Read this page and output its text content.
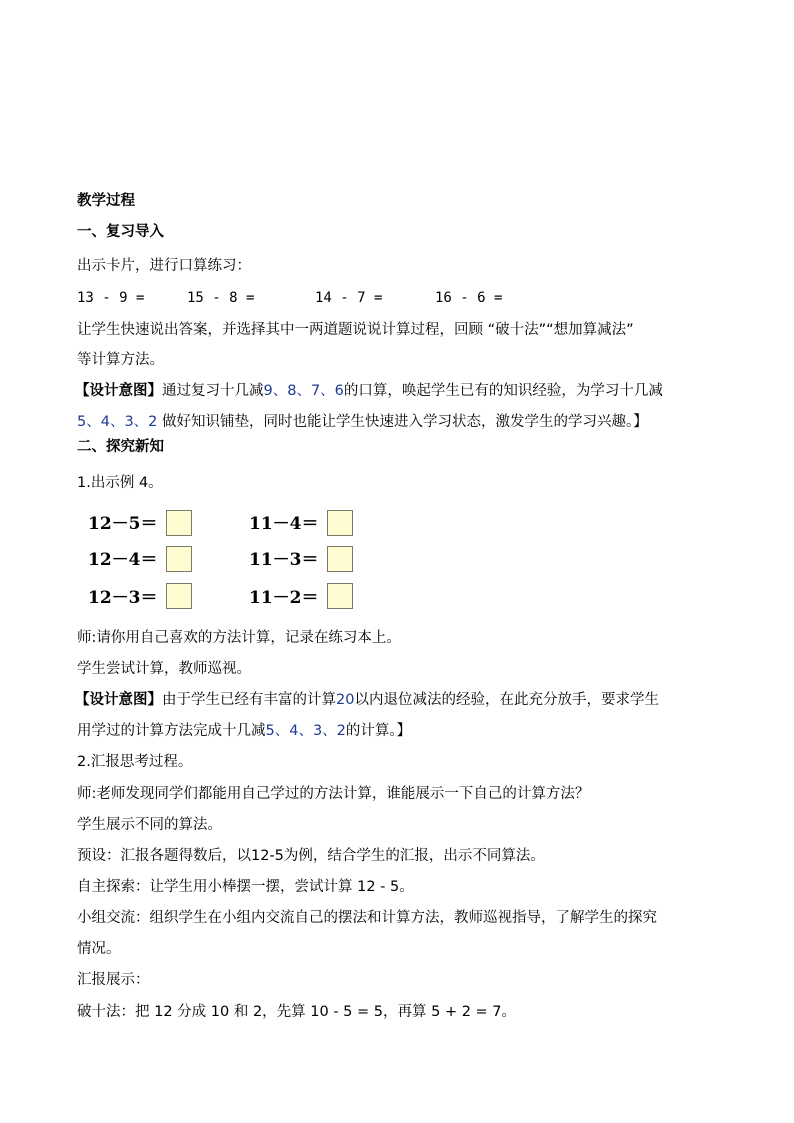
教学过程
一、复习导入
出示卡片，进行口算练习：
13 - 9 =	15 - 8 =	14 - 7 =	16 - 6 =
让学生快速说出答案，并选择其中一两道题说说计算过程，回顾 “破十法”“想加算减法”
等计算方法。
【设计意图】通过复习十几减9、8、7、6的口算，唤起学生已有的知识经验，为学习十几减
5、4、3、2 做好知识铺垫，同时也能让学生快速进入学习状态，激发学生的学习兴趣。】
二、探究新知
1.出示例 4。
12－5＝	11－4＝
12－4＝	11－3＝
12－3＝	11－2＝
师:请你用自己喜欢的方法计算，记录在练习本上。
学生尝试计算，教师巡视。
【设计意图】由于学生已经有丰富的计算20以内退位减法的经验，在此充分放手，要求学生
用学过的计算方法完成十几减5、4、3、2的计算。】
2.汇报思考过程。
师:老师发现同学们都能用自己学过的方法计算，谁能展示一下自己的计算方法？
学生展示不同的算法。
预设：汇报各题得数后，以12-5为例，结合学生的汇报，出示不同算法。
自主探索：让学生用小棒摆一摆，尝试计算 12 - 5。
小组交流：组织学生在小组内交流自己的摆法和计算方法，教师巡视指导，了解学生的探究
情况。
汇报展示：
破十法：把 12 分成 10 和 2，先算 10 - 5 = 5，再算 5 + 2 = 7。
